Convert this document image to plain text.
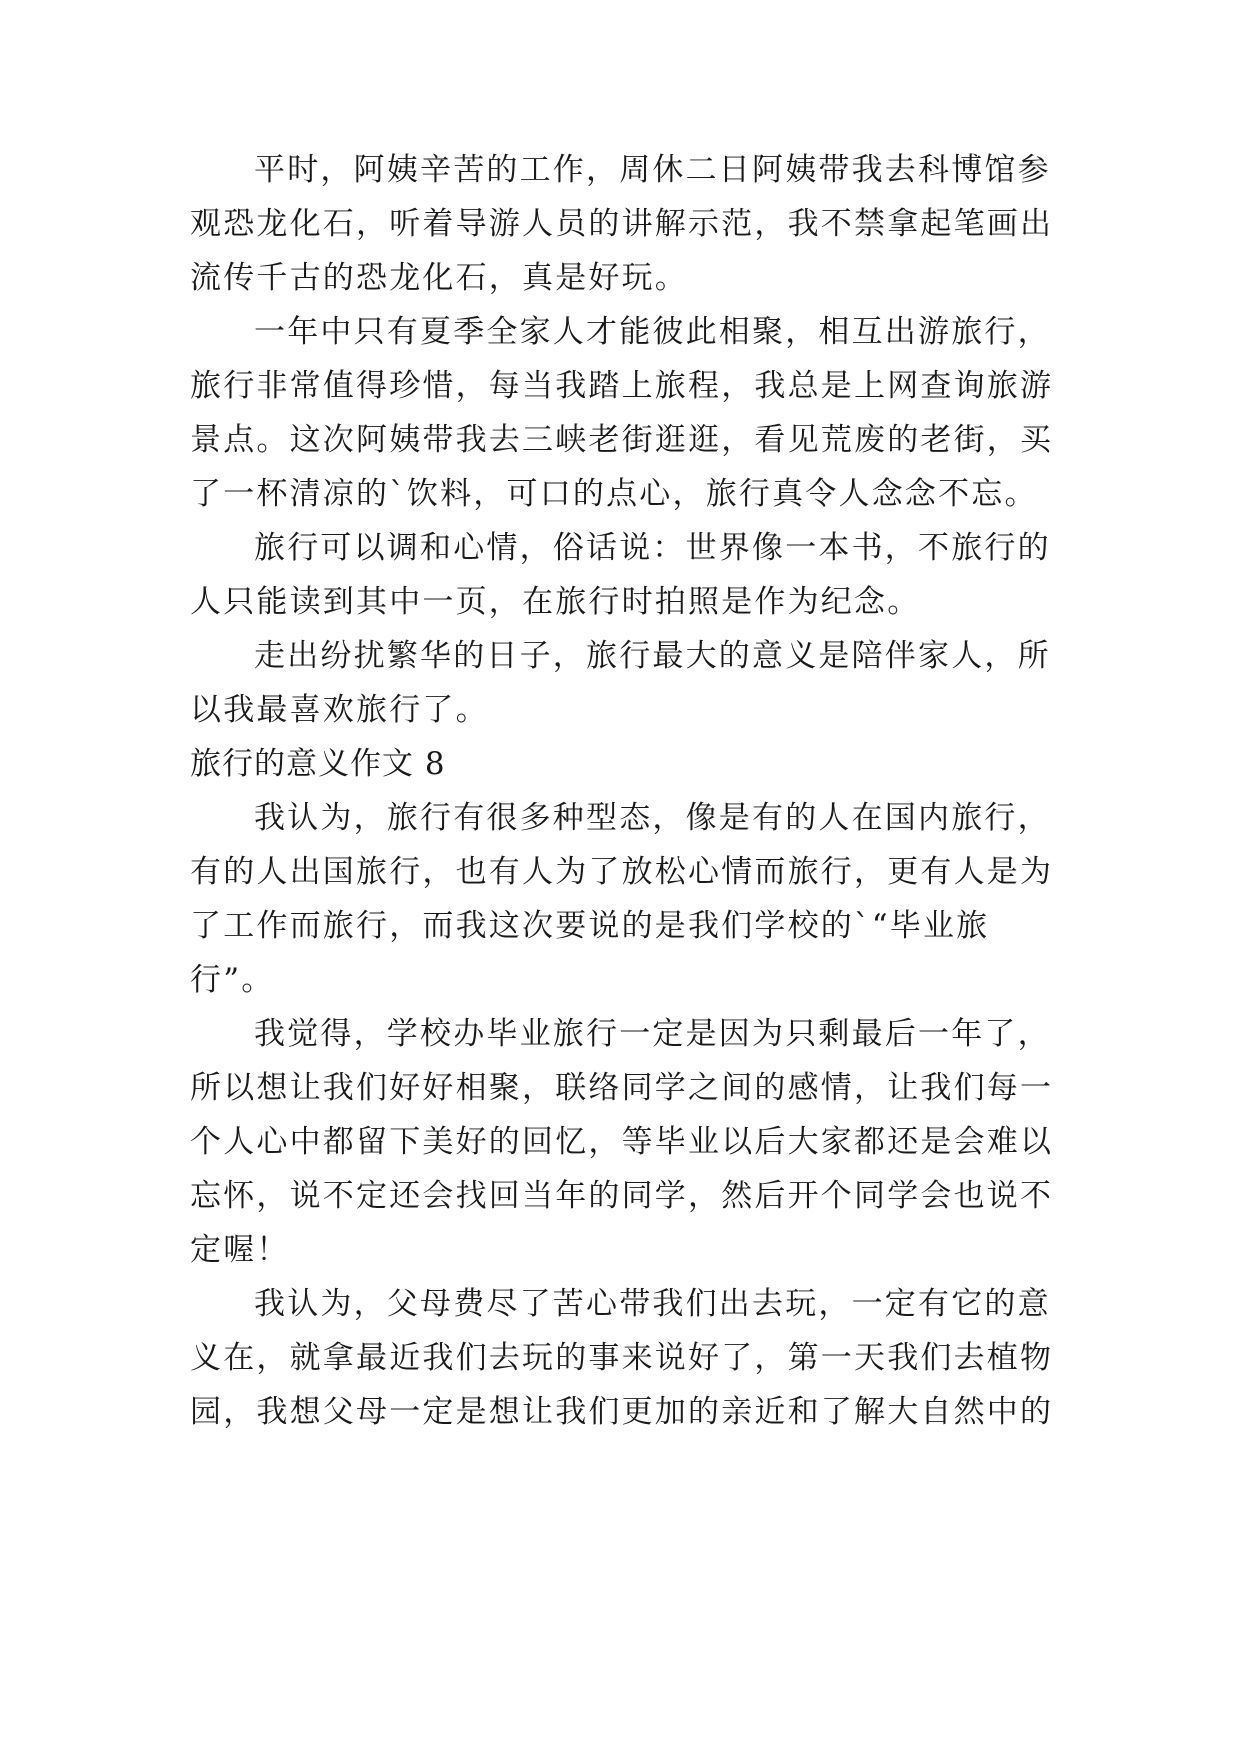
平时，阿姨辛苦的工作，周休二日阿姨带我去科博馆参
观恐龙化石，听着导游人员的讲解示范，我不禁拿起笔画出
流传千古的恐龙化石，真是好玩。
一年中只有夏季全家人才能彼此相聚，相互出游旅行，
旅行非常值得珍惜，每当我踏上旅程，我总是上网查询旅游
景点。这次阿姨带我去三峡老街逛逛，看见荒废的老街，买
了一杯清凉的`饮料，可口的点心，旅行真令人念念不忘。
旅行可以调和心情，俗话说：世界像一本书，不旅行的
人只能读到其中一页，在旅行时拍照是作为纪念。
走出纷扰繁华的日子，旅行最大的意义是陪伴家人，所
以我最喜欢旅行了。
旅行的意义作文 8
我认为，旅行有很多种型态，像是有的人在国内旅行，
有的人出国旅行，也有人为了放松心情而旅行，更有人是为
了工作而旅行，而我这次要说的是我们学校的`“毕业旅
行”。
我觉得，学校办毕业旅行一定是因为只剩最后一年了，
所以想让我们好好相聚，联络同学之间的感情，让我们每一
个人心中都留下美好的回忆，等毕业以后大家都还是会难以
忘怀，说不定还会找回当年的同学，然后开个同学会也说不
定喔！
我认为，父母费尽了苦心带我们出去玩，一定有它的意
义在，就拿最近我们去玩的事来说好了，第一天我们去植物
园，我想父母一定是想让我们更加的亲近和了解大自然中的
